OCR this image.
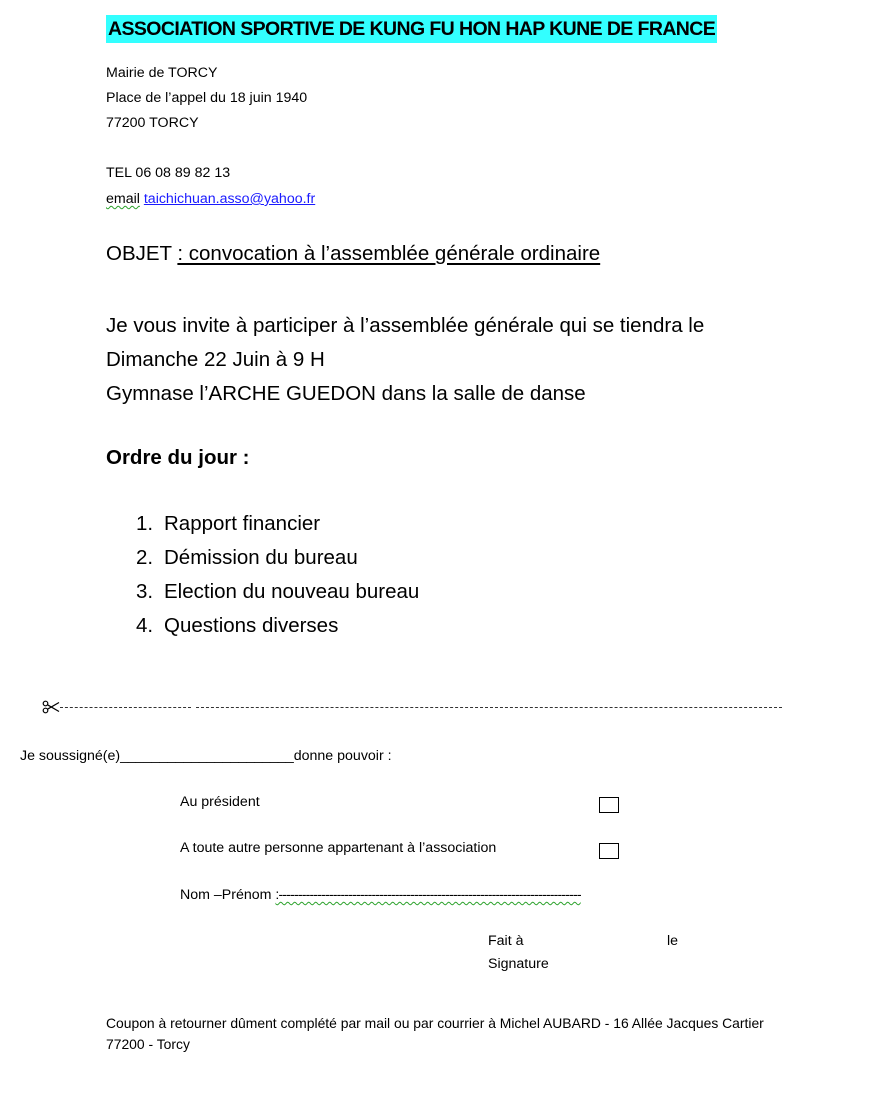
ASSOCIATION SPORTIVE DE KUNG FU HON HAP KUNE DE FRANCE
Mairie de TORCY
Place de l’appel du 18 juin 1940
77200 TORCY
TEL 06 08 89 82 13
email taichichuan.asso@yahoo.fr
OBJET : convocation à l’assemblée générale ordinaire
Je vous invite à participer à l’assemblée générale qui se tiendra le
Dimanche 22 Juin à 9 H
Gymnase l’ARCHE GUEDON dans la salle de danse
Ordre du jour :
1. Rapport financier
2. Démission du bureau
3. Election du nouveau bureau
4. Questions diverses
Je soussigné(e)______________________donne pouvoir :
Au président
A toute autre personne appartenant à l’association
Nom –Prénom :------------------------------------------------------------------------------
Fait à	le
Signature
Coupon à retourner dûment complété par mail ou par courrier à Michel AUBARD - 16 Allée Jacques Cartier
77200 - Torcy
